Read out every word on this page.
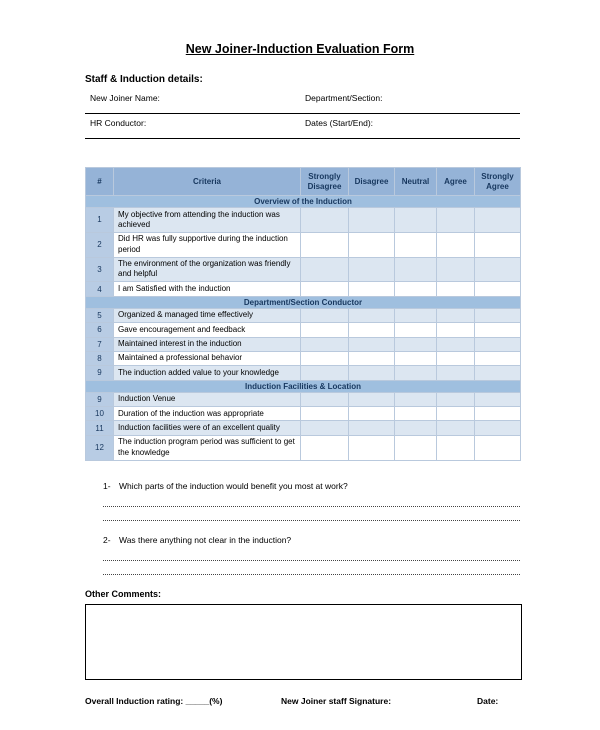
New Joiner-Induction Evaluation Form
Staff & Induction details:
New Joiner Name:	Department/Section:
HR Conductor:	Dates (Start/End):
#	Criteria	Strongly Disagree	Disagree	Neutral	Agree	Strongly Agree
Overview of the Induction						
1	My objective from attending the induction was achieved					
2	Did HR was fully supportive during the induction period					
3	The environment of the organization was friendly and helpful					
4	I am Satisfied with the induction					
Department/Section Conductor						
5	Organized & managed time effectively					
6	Gave encouragement and feedback					
7	Maintained interest in the induction					
8	Maintained a professional behavior					
9	The induction added value to your knowledge					
Induction Facilities & Location						
9	Induction Venue					
10	Duration of the induction was appropriate					
11	Induction facilities were of an excellent quality					
12	The induction program period was sufficient to get the knowledge					
1- Which parts of the induction would benefit you most at work?
2- Was there anything not clear in the induction?
Other Comments:
Overall Induction rating: _____(%)	New Joiner staff Signature:	Date:
